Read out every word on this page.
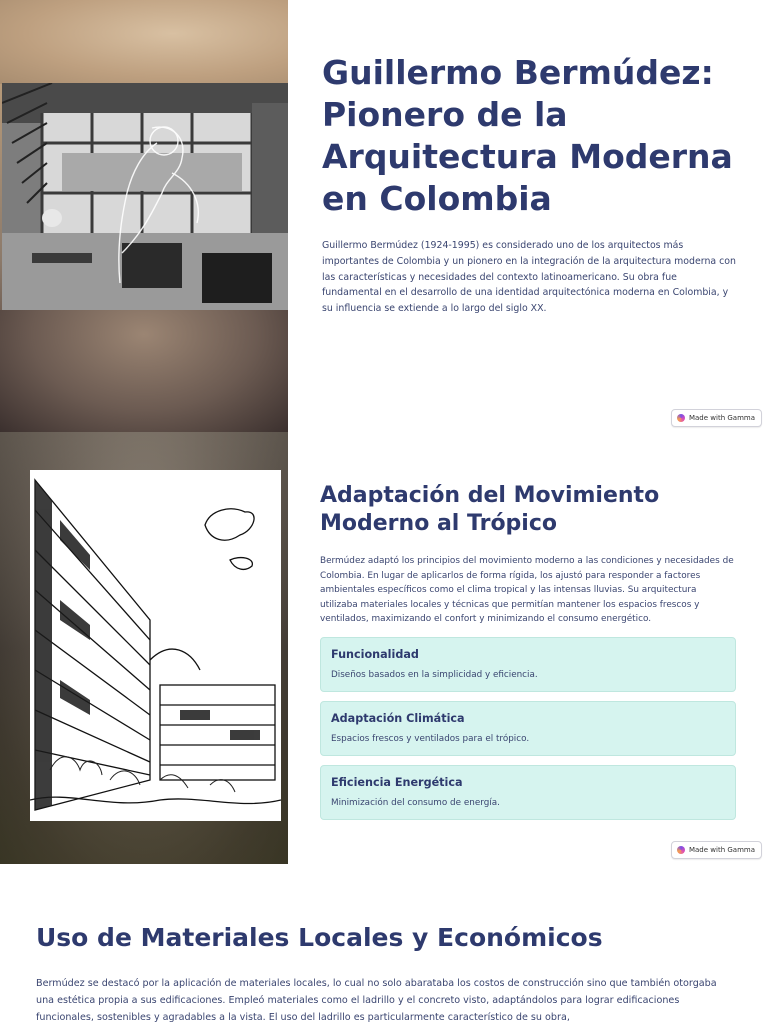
Guillermo Bermúdez: Pionero de la Arquitectura Moderna en Colombia

Guillermo Bermúdez (1924-1995) es considerado uno de los arquitectos más importantes de Colombia y un pionero en la integración de la arquitectura moderna con las características y necesidades del contexto latinoamericano. Su obra fue fundamental en el desarrollo de una identidad arquitectónica moderna en Colombia, y su influencia se extiende a lo largo del siglo XX.

Made with Gamma
Adaptación del Movimiento Moderno al Trópico

Bermúdez adaptó los principios del movimiento moderno a las condiciones y necesidades de Colombia. En lugar de aplicarlos de forma rígida, los ajustó para responder a factores ambientales específicos como el clima tropical y las intensas lluvias. Su arquitectura utilizaba materiales locales y técnicas que permitían mantener los espacios frescos y ventilados, maximizando el confort y minimizando el consumo energético.

Funcionalidad
Diseños basados en la simplicidad y eficiencia.
Adaptación Climática
Espacios frescos y ventilados para el trópico.
Eficiencia Energética
Minimización del consumo de energía.
Made with Gamma
Uso de Materiales Locales y Económicos

Bermúdez se destacó por la aplicación de materiales locales, lo cual no solo abarataba los costos de construcción sino que también otorgaba una estética propia a sus edificaciones. Empleó materiales como el ladrillo y el concreto visto, adaptándolos para lograr edificaciones funcionales, sostenibles y agradables a la vista. El uso del ladrillo es particularmente característico de su obra,
